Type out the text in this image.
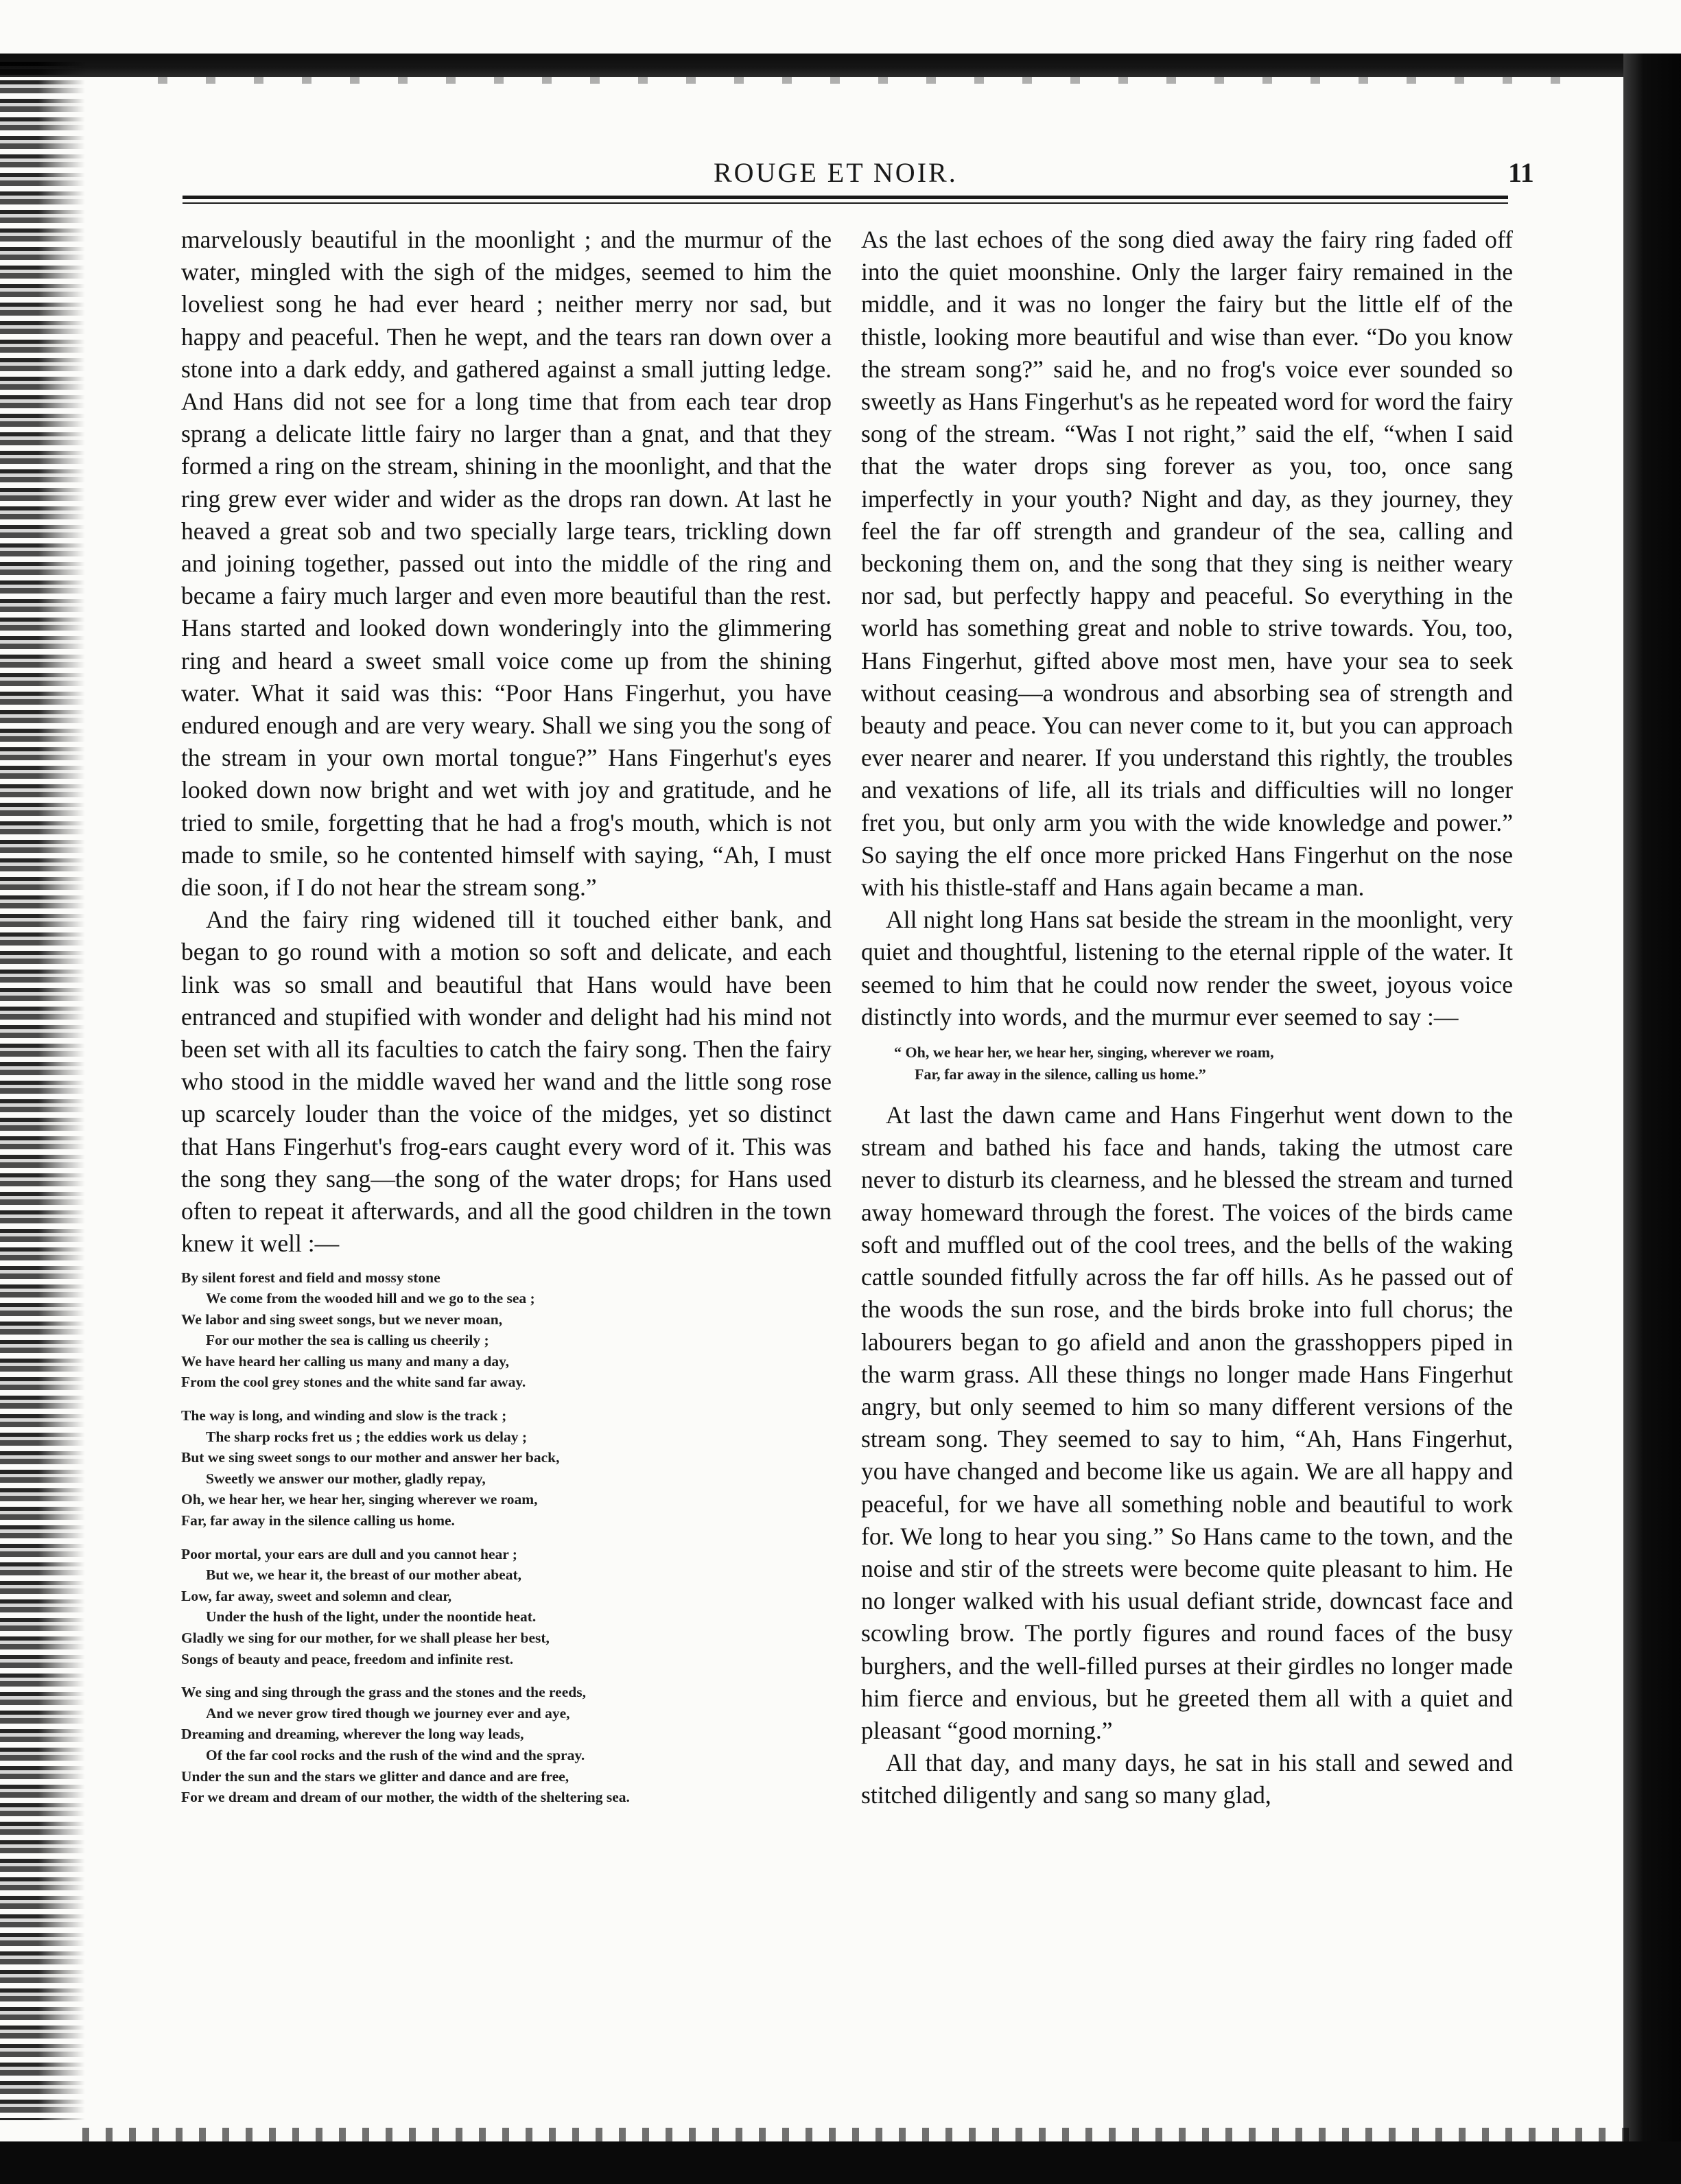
ROUGE ET NOIR.	11

marvelously beautiful in the moonlight ; and the murmur of the water, mingled with the sigh of the midges, seemed to him the loveliest song he had ever heard ; neither merry nor sad, but happy and peaceful. Then he wept, and the tears ran down over a stone into a dark eddy, and gathered against a small jutting ledge. And Hans did not see for a long time that from each tear drop sprang a delicate little fairy no larger than a gnat, and that they formed a ring on the stream, shining in the moonlight, and that the ring grew ever wider and wider as the drops ran down. At last he heaved a great sob and two specially large tears, trickling down and joining together, passed out into the middle of the ring and became a fairy much larger and even more beautiful than the rest. Hans started and looked down wonderingly into the glimmering ring and heard a sweet small voice come up from the shining water. What it said was this: “Poor Hans Fingerhut, you have endured enough and are very weary. Shall we sing you the song of the stream in your own mortal tongue?” Hans Fingerhut's eyes looked down now bright and wet with joy and gratitude, and he tried to smile, forgetting that he had a frog's mouth, which is not made to smile, so he contented himself with saying, “Ah, I must die soon, if I do not hear the stream song.”

And the fairy ring widened till it touched either bank, and began to go round with a motion so soft and delicate, and each link was so small and beautiful that Hans would have been entranced and stupified with wonder and delight had his mind not been set with all its faculties to catch the fairy song. Then the fairy who stood in the middle waved her wand and the little song rose up scarcely louder than the voice of the midges, yet so distinct that Hans Fingerhut's frog-ears caught every word of it. This was the song they sang—the song of the water drops; for Hans used often to repeat it afterwards, and all the good children in the town knew it well :—

By silent forest and field and mossy stone
We come from the wooded hill and we go to the sea ;
We labor and sing sweet songs, but we never moan,
For our mother the sea is calling us cheerily ;
We have heard her calling us many and many a day,
From the cool grey stones and the white sand far away.
The way is long, and winding and slow is the track ;
The sharp rocks fret us ; the eddies work us delay ;
But we sing sweet songs to our mother and answer her back,
Sweetly we answer our mother, gladly repay,
Oh, we hear her, we hear her, singing wherever we roam,
Far, far away in the silence calling us home.
Poor mortal, your ears are dull and you cannot hear ;
But we, we hear it, the breast of our mother abeat,
Low, far away, sweet and solemn and clear,
Under the hush of the light, under the noontide heat.
Gladly we sing for our mother, for we shall please her best,
Songs of beauty and peace, freedom and infinite rest.
We sing and sing through the grass and the stones and the reeds,
And we never grow tired though we journey ever and aye,
Dreaming and dreaming, wherever the long way leads,
Of the far cool rocks and the rush of the wind and the spray.
Under the sun and the stars we glitter and dance and are free,
For we dream and dream of our mother, the width of the sheltering sea.

As the last echoes of the song died away the fairy ring faded off into the quiet moonshine. Only the larger fairy remained in the middle, and it was no longer the fairy but the little elf of the thistle, looking more beautiful and wise than ever. “Do you know the stream song?” said he, and no frog's voice ever sounded so sweetly as Hans Fingerhut's as he repeated word for word the fairy song of the stream. “Was I not right,” said the elf, “when I said that the water drops sing forever as you, too, once sang imperfectly in your youth? Night and day, as they journey, they feel the far off strength and grandeur of the sea, calling and beckoning them on, and the song that they sing is neither weary nor sad, but perfectly happy and peaceful. So everything in the world has something great and noble to strive towards. You, too, Hans Fingerhut, gifted above most men, have your sea to seek without ceasing—a wondrous and absorbing sea of strength and beauty and peace. You can never come to it, but you can approach ever nearer and nearer. If you understand this rightly, the troubles and vexations of life, all its trials and difficulties will no longer fret you, but only arm you with the wide knowledge and power.” So saying the elf once more pricked Hans Fingerhut on the nose with his thistle-staff and Hans again became a man.

All night long Hans sat beside the stream in the moonlight, very quiet and thoughtful, listening to the eternal ripple of the water. It seemed to him that he could now render the sweet, joyous voice distinctly into words, and the murmur ever seemed to say :—

“ Oh, we hear her, we hear her, singing, wherever we roam,
Far, far away in the silence, calling us home.”

At last the dawn came and Hans Fingerhut went down to the stream and bathed his face and hands, taking the utmost care never to disturb its clearness, and he blessed the stream and turned away homeward through the forest. The voices of the birds came soft and muffled out of the cool trees, and the bells of the waking cattle sounded fitfully across the far off hills. As he passed out of the woods the sun rose, and the birds broke into full chorus; the labourers began to go afield and anon the grasshoppers piped in the warm grass. All these things no longer made Hans Fingerhut angry, but only seemed to him so many different versions of the stream song. They seemed to say to him, “Ah, Hans Fingerhut, you have changed and become like us again. We are all happy and peaceful, for we have all something noble and beautiful to work for. We long to hear you sing.” So Hans came to the town, and the noise and stir of the streets were become quite pleasant to him. He no longer walked with his usual defiant stride, downcast face and scowling brow. The portly figures and round faces of the busy burghers, and the well-filled purses at their girdles no longer made him fierce and envious, but he greeted them all with a quiet and pleasant “good morning.”

All that day, and many days, he sat in his stall and sewed and stitched diligently and sang so many glad,
